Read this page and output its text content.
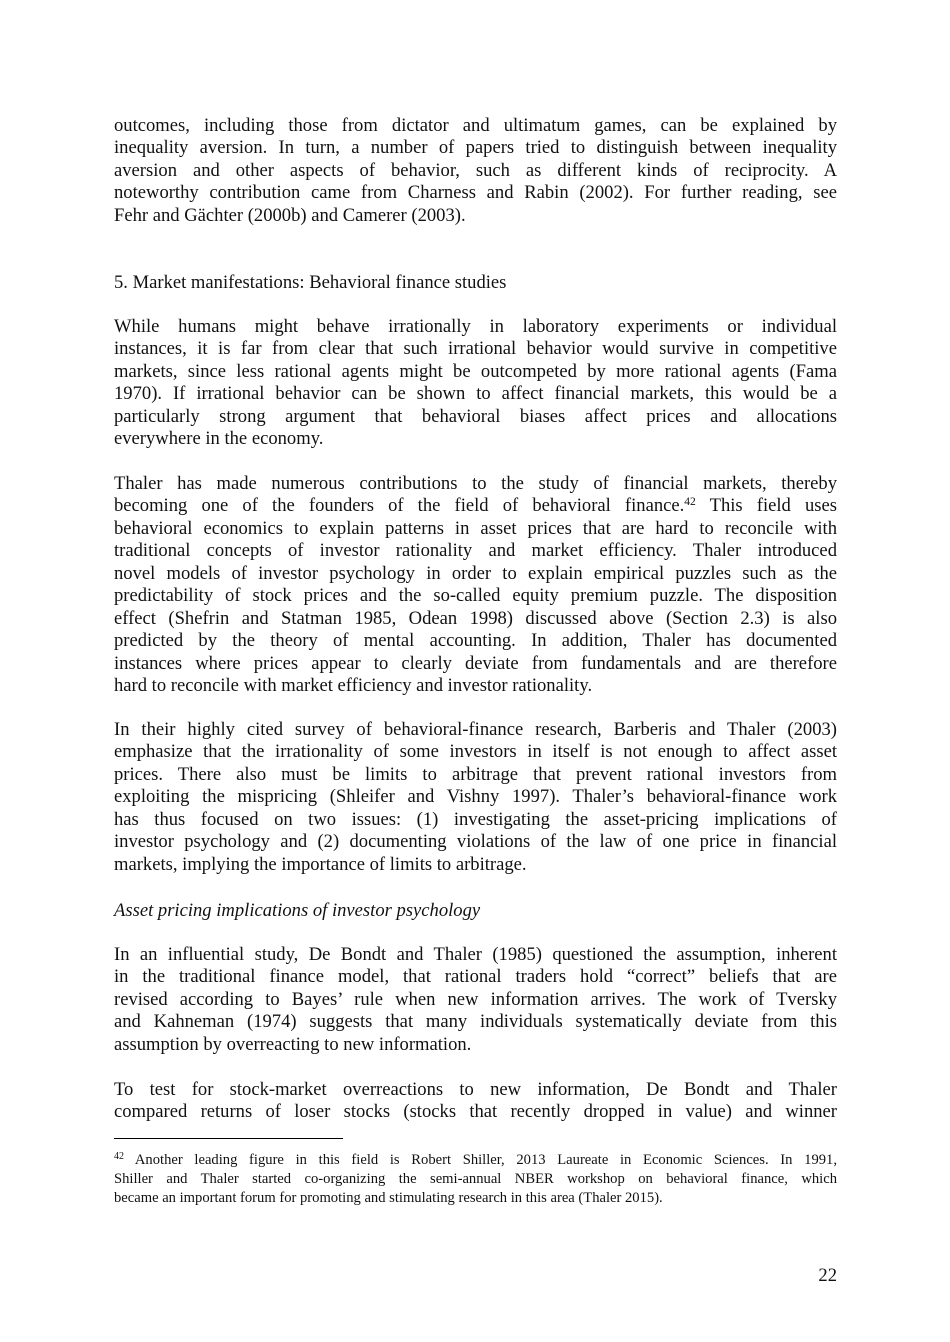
outcomes, including those from dictator and ultimatum games, can be explained by
inequality aversion. In turn, a number of papers tried to distinguish between inequality
aversion and other aspects of behavior, such as different kinds of reciprocity. A
noteworthy contribution came from Charness and Rabin (2002). For further reading, see
Fehr and Gächter (2000b) and Camerer (2003).
5. Market manifestations: Behavioral finance studies
While humans might behave irrationally in laboratory experiments or individual
instances, it is far from clear that such irrational behavior would survive in competitive
markets, since less rational agents might be outcompeted by more rational agents (Fama
1970). If irrational behavior can be shown to affect financial markets, this would be a
particularly strong argument that behavioral biases affect prices and allocations
everywhere in the economy.
Thaler has made numerous contributions to the study of financial markets, thereby
becoming one of the founders of the field of behavioral finance.$^{42}$ This field uses
behavioral economics to explain patterns in asset prices that are hard to reconcile with
traditional concepts of investor rationality and market efficiency. Thaler introduced
novel models of investor psychology in order to explain empirical puzzles such as the
predictability of stock prices and the so-called equity premium puzzle. The disposition
effect (Shefrin and Statman 1985, Odean 1998) discussed above (Section 2.3) is also
predicted by the theory of mental accounting. In addition, Thaler has documented
instances where prices appear to clearly deviate from fundamentals and are therefore
hard to reconcile with market efficiency and investor rationality.
In their highly cited survey of behavioral-finance research, Barberis and Thaler (2003)
emphasize that the irrationality of some investors in itself is not enough to affect asset
prices. There also must be limits to arbitrage that prevent rational investors from
exploiting the mispricing (Shleifer and Vishny 1997). Thaler’s behavioral-finance work
has thus focused on two issues: (1) investigating the asset-pricing implications of
investor psychology and (2) documenting violations of the law of one price in financial
markets, implying the importance of limits to arbitrage.
Asset pricing implications of investor psychology
In an influential study, De Bondt and Thaler (1985) questioned the assumption, inherent
in the traditional finance model, that rational traders hold “correct” beliefs that are
revised according to Bayes’ rule when new information arrives. The work of Tversky
and Kahneman (1974) suggests that many individuals systematically deviate from this
assumption by overreacting to new information.
To test for stock-market overreactions to new information, De Bondt and Thaler
compared returns of loser stocks (stocks that recently dropped in value) and winner
$^{42}$ Another leading figure in this field is Robert Shiller, 2013 Laureate in Economic Sciences. In 1991,
Shiller and Thaler started co-organizing the semi-annual NBER workshop on behavioral finance, which
became an important forum for promoting and stimulating research in this area (Thaler 2015).
22
